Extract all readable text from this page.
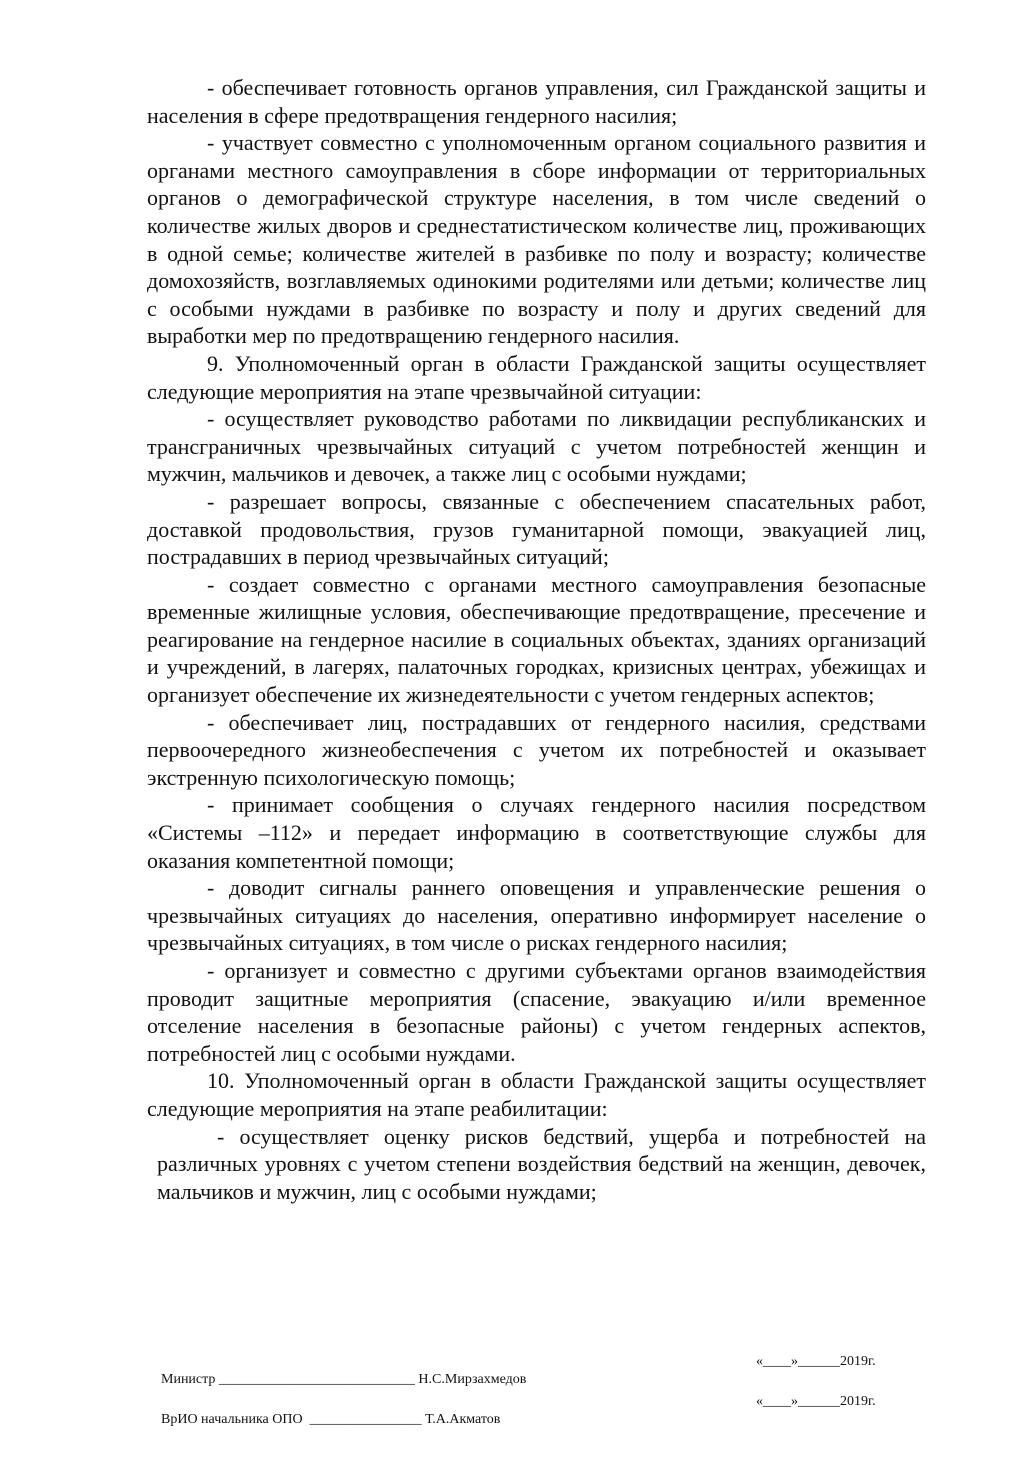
- обеспечивает готовность органов управления, сил Гражданской защиты и населения в сфере предотвращения гендерного насилия;

- участвует совместно с уполномоченным органом социального развития и органами местного самоуправления в сборе информации от территориальных органов о демографической структуре населения, в том числе сведений о количестве жилых дворов и среднестатистическом количестве лиц, проживающих в одной семье; количестве жителей в разбивке по полу и возрасту; количестве домохозяйств, возглавляемых одинокими родителями или детьми; количестве лиц с особыми нуждами в разбивке по возрасту и полу и других сведений для выработки мер по предотвращению гендерного насилия.

9. Уполномоченный орган в области Гражданской защиты осуществляет следующие мероприятия на этапе чрезвычайной ситуации:

- осуществляет руководство работами по ликвидации республиканских и трансграничных чрезвычайных ситуаций с учетом потребностей женщин и мужчин, мальчиков и девочек, а также лиц с особыми нуждами;

- разрешает вопросы, связанные с обеспечением спасательных работ, доставкой продовольствия, грузов гуманитарной помощи, эвакуацией лиц, пострадавших в период чрезвычайных ситуаций;

- создает совместно с органами местного самоуправления безопасные временные жилищные условия, обеспечивающие предотвращение, пресечение и реагирование на гендерное насилие в социальных объектах, зданиях организаций и учреждений, в лагерях, палаточных городках, кризисных центрах, убежищах и организует обеспечение их жизнедеятельности с учетом гендерных аспектов;

- обеспечивает лиц, пострадавших от гендерного насилия, средствами первоочередного жизнеобеспечения с учетом их потребностей и оказывает экстренную психологическую помощь;

- принимает сообщения о случаях гендерного насилия посредством «Системы –112» и передает информацию в соответствующие службы для оказания компетентной помощи;

- доводит сигналы раннего оповещения и управленческие решения о чрезвычайных ситуациях до населения, оперативно информирует население о чрезвычайных ситуациях, в том числе о рисках гендерного насилия;

- организует и совместно с другими субъектами органов взаимодействия проводит защитные мероприятия (спасение, эвакуацию и/или временное отселение населения в безопасные районы) с учетом гендерных аспектов, потребностей лиц с особыми нуждами.

10. Уполномоченный орган в области Гражданской защиты осуществляет следующие мероприятия на этапе реабилитации:

- осуществляет оценку рисков бедствий, ущерба и потребностей на различных уровнях с учетом степени воздействия бедствий на женщин, девочек, мальчиков и мужчин, лиц с особыми нуждами;

Министр ____________________________ Н.С.Мирзахмедов

«____»______2019г.

ВрИО начальника ОПО  ________________ Т.А.Акматов

«____»______2019г.
